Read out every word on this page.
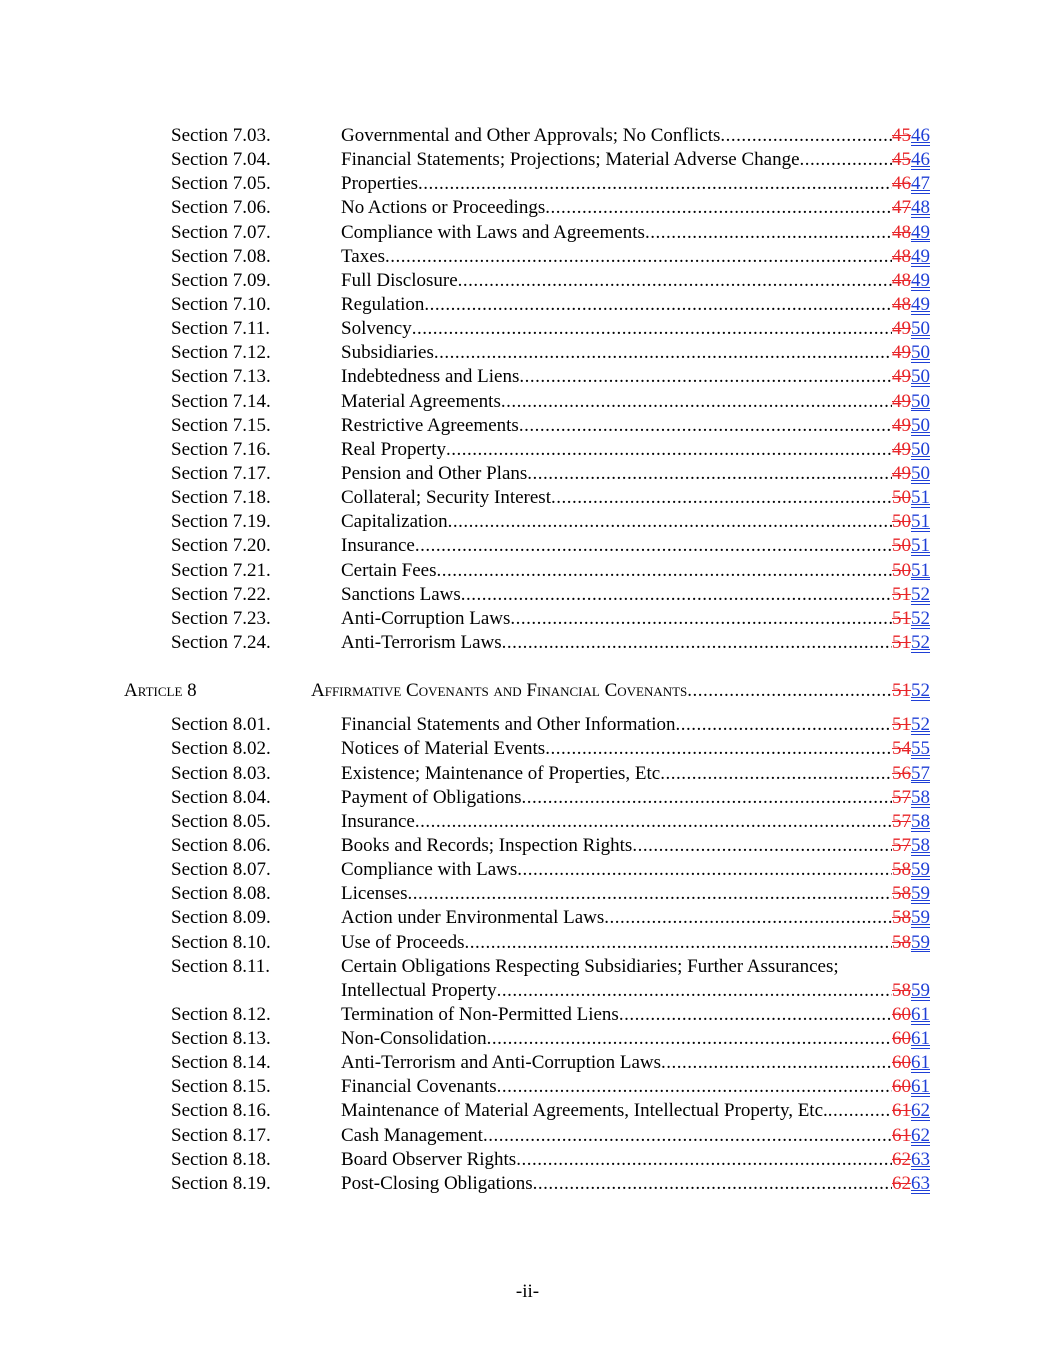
Section 7.03.	Governmental and Other Approvals; No Conflicts .....	4546
Section 7.04.	Financial Statements; Projections; Material Adverse Change .....	4546
Section 7.05.	Properties .....	4647
Section 7.06.	No Actions or Proceedings .....	4748
Section 7.07.	Compliance with Laws and Agreements .....	4849
Section 7.08.	Taxes .....	4849
Section 7.09.	Full Disclosure .....	4849
Section 7.10.	Regulation .....	4849
Section 7.11.	Solvency .....	4950
Section 7.12.	Subsidiaries .....	4950
Section 7.13.	Indebtedness and Liens .....	4950
Section 7.14.	Material Agreements .....	4950
Section 7.15.	Restrictive Agreements .....	4950
Section 7.16.	Real Property .....	4950
Section 7.17.	Pension and Other Plans .....	4950
Section 7.18.	Collateral; Security Interest .....	5051
Section 7.19.	Capitalization .....	5051
Section 7.20.	Insurance .....	5051
Section 7.21.	Certain Fees .....	5051
Section 7.22.	Sanctions Laws .....	5152
Section 7.23.	Anti-Corruption Laws .....	5152
Section 7.24.	Anti-Terrorism Laws .....	5152
Article 8	Affirmative Covenants and Financial Covenants .....	5152
Section 8.01.	Financial Statements and Other Information .....	5152
Section 8.02.	Notices of Material Events .....	5455
Section 8.03.	Existence; Maintenance of Properties, Etc .....	5657
Section 8.04.	Payment of Obligations .....	5758
Section 8.05.	Insurance .....	5758
Section 8.06.	Books and Records; Inspection Rights .....	5758
Section 8.07.	Compliance with Laws .....	5859
Section 8.08.	Licenses .....	5859
Section 8.09.	Action under Environmental Laws .....	5859
Section 8.10.	Use of Proceeds .....	5859
Section 8.11.	Certain Obligations Respecting Subsidiaries; Further Assurances;
Intellectual Property .....	5859
Section 8.12.	Termination of Non-Permitted Liens .....	6061
Section 8.13.	Non-Consolidation .....	6061
Section 8.14.	Anti-Terrorism and Anti-Corruption Laws .....	6061
Section 8.15.	Financial Covenants .....	6061
Section 8.16.	Maintenance of Material Agreements, Intellectual Property, Etc. .....	6162
Section 8.17.	Cash Management .....	6162
Section 8.18.	Board Observer Rights .....	6263
Section 8.19.	Post-Closing Obligations .....	6263
-ii-
